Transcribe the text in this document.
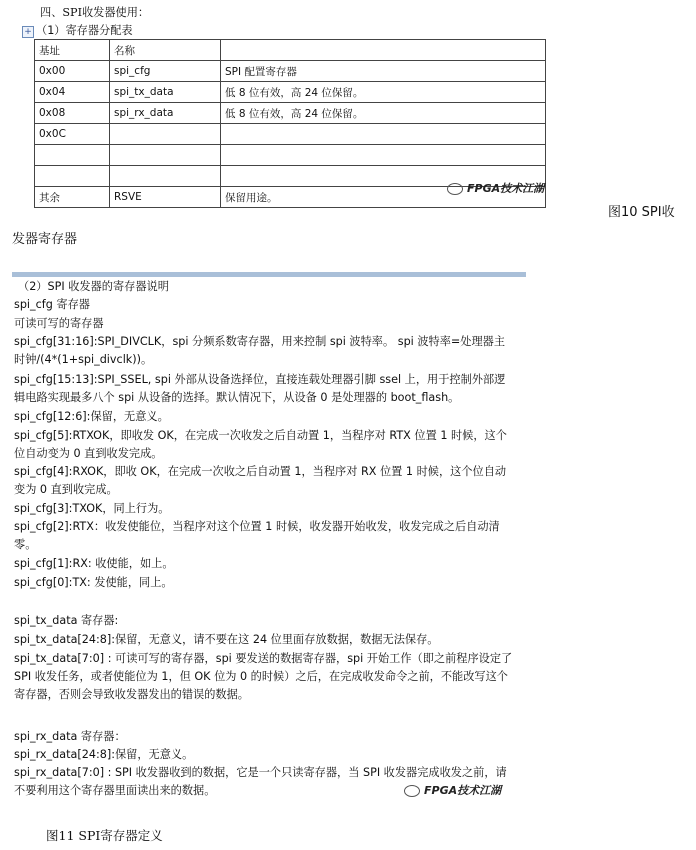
四、SPI收发器使用：
+ （1）寄存器分配表
基址	名称	
0x00	spi_cfg	SPI 配置寄存器
0x04	spi_tx_data	低 8 位有效，高 24 位保留。
0x08	spi_rx_data	低 8 位有效，高 24 位保留。
0x0C		

其余	RSVE	保留用途。
FPGA技术江湖
图10 SPI收
发器寄存器
（2）SPI 收发器的寄存器说明
spi_cfg 寄存器
可读可写的寄存器
spi_cfg[31:16]:SPI_DIVCLK，spi 分频系数寄存器，用来控制 spi 波特率。 spi 波特率=处理器主时钟/(4*(1+spi_divclk))。
spi_cfg[15:13]:SPI_SSEL, spi 外部从设备选择位，直接连载处理器引脚 ssel 上，用于控制外部逻辑电路实现最多八个 spi 从设备的选择。默认情况下，从设备 0 是处理器的 boot_flash。
spi_cfg[12:6]:保留，无意义。
spi_cfg[5]:RTXOK，即收发 OK，在完成一次收发之后自动置 1，当程序对 RTX 位置 1 时候，这个位自动变为 0 直到收发完成。
spi_cfg[4]:RXOK，即收 OK，在完成一次收之后自动置 1，当程序对 RX 位置 1 时候，这个位自动变为 0 直到收完成。
spi_cfg[3]:TXOK，同上行为。
spi_cfg[2]:RTX：收发使能位，当程序对这个位置 1 时候，收发器开始收发，收发完成之后自动清零。
spi_cfg[1]:RX: 收使能，如上。
spi_cfg[0]:TX: 发使能，同上。
spi_tx_data 寄存器:
spi_tx_data[24:8]:保留，无意义，请不要在这 24 位里面存放数据，数据无法保存。
spi_tx_data[7:0] : 可读可写的寄存器，spi 要发送的数据寄存器，spi 开始工作（即之前程序设定了 SPI 收发任务，或者使能位为 1，但 OK 位为 0 的时候）之后，在完成收发命令之前，不能改写这个寄存器，否则会导致收发器发出的错误的数据。
spi_rx_data 寄存器：
spi_rx_data[24:8]:保留，无意义。
spi_rx_data[7:0] : SPI 收发器收到的数据，它是一个只读寄存器，当 SPI 收发器完成收发之前，请不要利用这个寄存器里面读出来的数据。	FPGA技术江湖
图11 SPI寄存器定义
